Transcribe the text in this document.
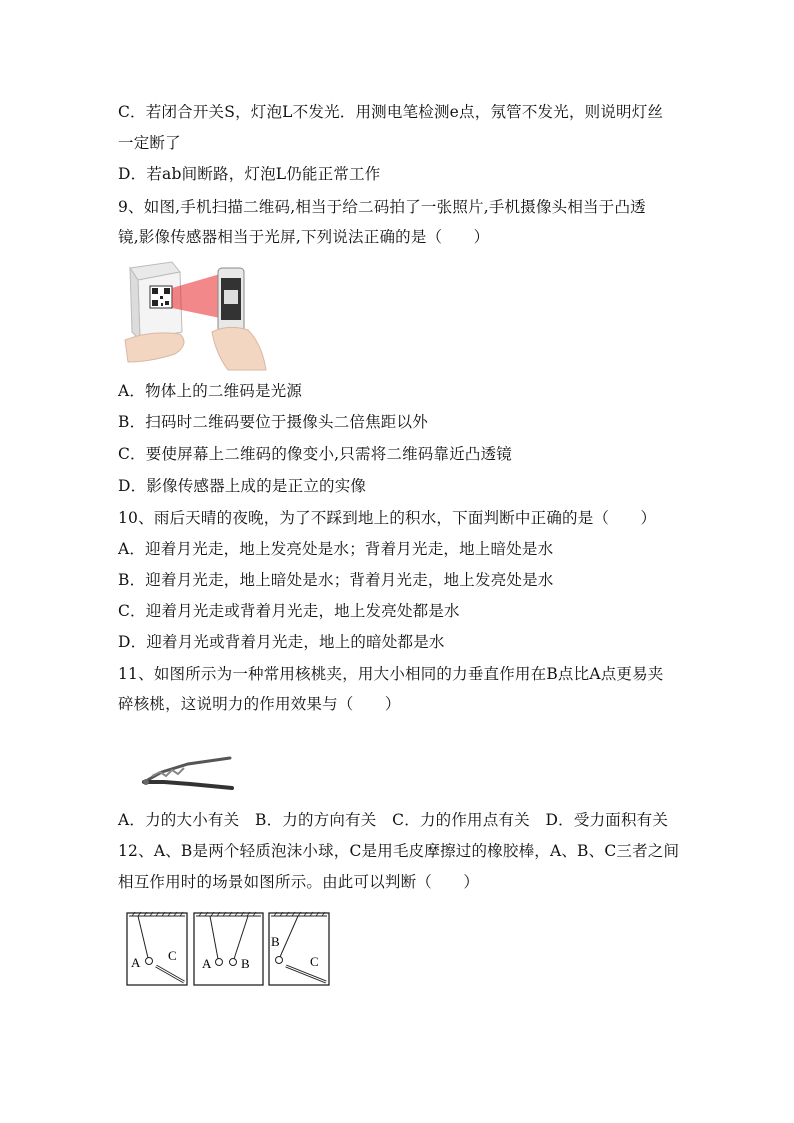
C．若闭合开关S，灯泡L不发光．用测电笔检测e点，氖管不发光，则说明灯丝
一定断了
D．若ab间断路，灯泡L仍能正常工作
9、如图,手机扫描二维码,相当于给二码拍了一张照片,手机摄像头相当于凸透
镜,影像传感器相当于光屏,下列说法正确的是（　　）
A．物体上的二维码是光源
B．扫码时二维码要位于摄像头二倍焦距以外
C．要使屏幕上二维码的像变小,只需将二维码靠近凸透镜
D．影像传感器上成的是正立的实像
10、雨后天晴的夜晚，为了不踩到地上的积水，下面判断中正确的是（　　）
A．迎着月光走，地上发亮处是水；背着月光走，地上暗处是水
B．迎着月光走，地上暗处是水；背着月光走，地上发亮处是水
C．迎着月光走或背着月光走，地上发亮处都是水
D．迎着月光或背着月光走，地上的暗处都是水
11、如图所示为一种常用核桃夹，用大小相同的力垂直作用在B点比A点更易夹
碎核桃，这说明力的作用效果与（　　）
A．力的大小有关　B．力的方向有关　C．力的作用点有关　D．受力面积有关
12、A、B是两个轻质泡沫小球，C是用毛皮摩擦过的橡胶棒，A、B、C三者之间
相互作用时的场景如图所示。由此可以判断（　　）
A C
A B
B
C
